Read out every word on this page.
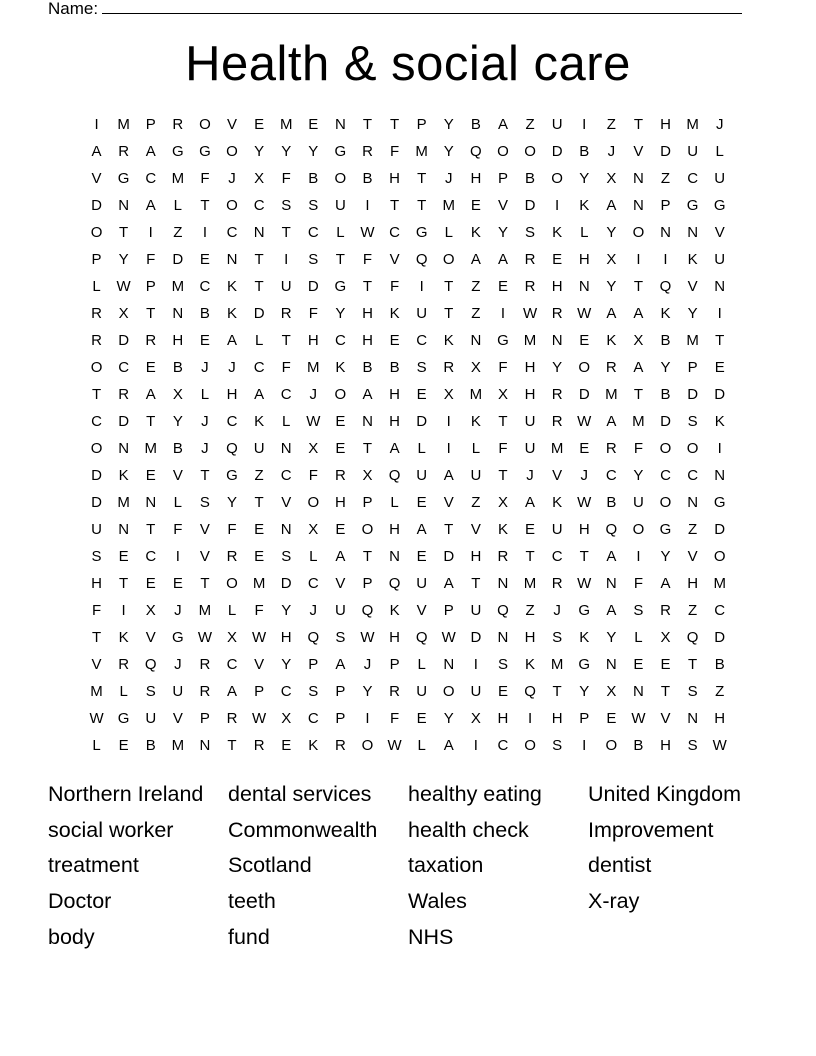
Name:
Health & social care
I	M	P	R	O	V	E	M	E	N	T	T	P	Y	B	A	Z	U	I	Z	T	H	M	J
A	R	A	G	G	O	Y	Y	Y	G	R	F	M	Y	Q	O	O	D	B	J	V	D	U	L
V	G	C	M	F	J	X	F	B	O	B	H	T	J	H	P	B	O	Y	X	N	Z	C	U
D	N	A	L	T	O	C	S	S	U	I	T	T	M	E	V	D	I	K	A	N	P	G	G
O	T	I	Z	I	C	N	T	C	L	W C	G	L	K	Y	S	K	L	Y	O	N	N	V
P	Y	F	D	E	N	T	I	S	T	F	V	Q	O	A	A	R	E	H	X	I	I	K	U
L	W	P	M	C	K	T	U	D	G	T	F	I	T	Z	E	R	H	N	Y	T	Q	V	N
R	X	T	N	B	K	D	R	F	Y	H	K	U	T	Z	I	W R W	A	A	K	Y	I
R	D	R	H	E	A	L	T	H	C	H	E	C	K	N	G	M	N	E	K	X	B	M	T
O	C	E	B	J	J	C	F	M	K	B	B	S	R	X	F	H	Y	O	R	A	Y	P	E
T	R	A	X	L	H	A	C	J	O	A	H	E	X	M	X	H	R	D	M	T	B	D	D
C	D	T	Y	J	C	K	L	W	E	N	H	D	I	K	T	U	R W	A	M	D	S	K
O	N	M	B	J	Q	U	N	X	E	T	A	L	I	L	F	U	M	E	R	F	O	O	I
D	K	E	V	T	G	Z	C	F	R	X	Q	U	A	U	T	J	V	J	C	Y	C	C	N
D	M	N	L	S	Y	T	V	O	H	P	L	E	V	Z	X	A	K	W	B	U	O	N	G
U	N	T	F	V	F	E	N	X	E	O	H	A	T	V	K	E	U	H	Q	O	G	Z	D
S	E	C	I	V	R	E	S	L	A	T	N	E	D	H	R	T	C	T	A	I	Y	V	O
H	T	E	E	T	O	M	D	C	V	P	Q	U	A	T	N	M	R W N	F	A	H	M
F	I	X	J	M	L	F	Y	J	U	Q	K	V	P	U	Q	Z	J	G	A	S	R	Z	C
T	K	V	G W	X	W H	Q	S	W H	Q W D	N	H	S	K	Y	L	X	Q	D
V	R	Q	J	R	C	V	Y	P	A	J	P	L	N	I	S	K	M	G	N	E	E	T	B
M	L	S	U	R	A	P	C	S	P	Y	R	U	O	U	E	Q	T	Y	X	N	T	S	Z
W G	U	V	P	R W	X	C	P	I	F	E	Y	X	H	I	H	P	E	W	V	N	H
L	E	B	M	N	T	R	E	K	R	O W	L	A	I	C	O	S	I	O	B	H	S	W
Northern Ireland	dental services	healthy eating	United Kingdom
social worker	Commonwealth	health check	Improvement
treatment	Scotland	taxation	dentist
Doctor	teeth	Wales	X-ray
body	fund	NHS
